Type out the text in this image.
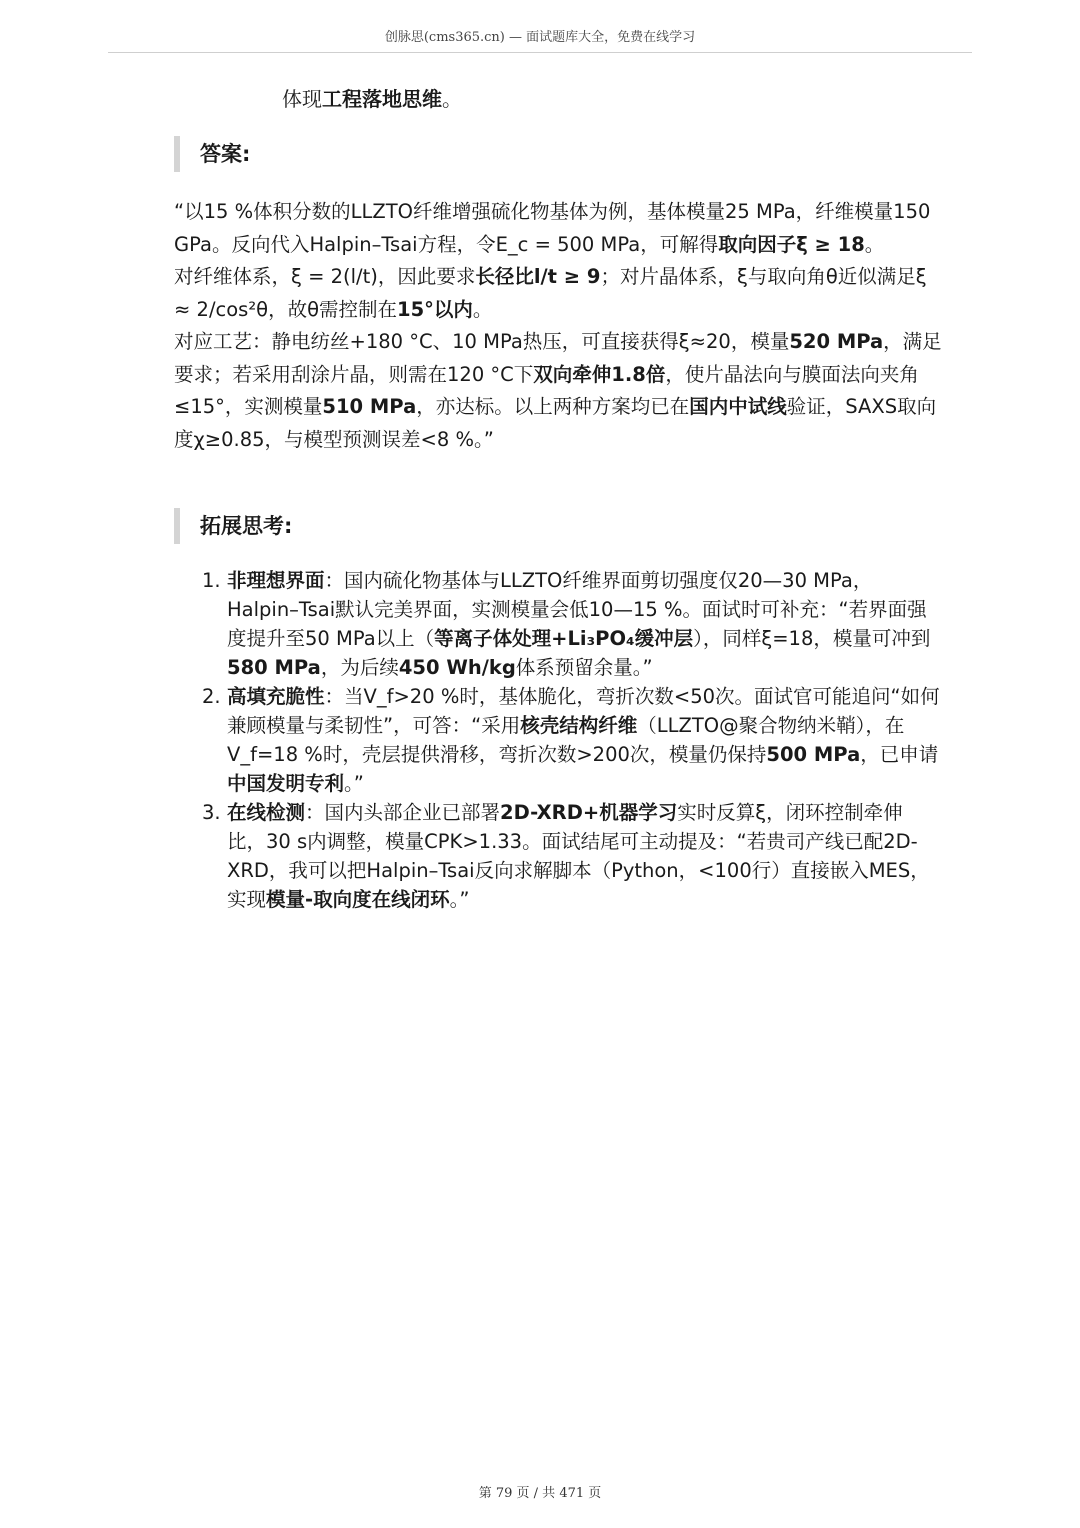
创脉思(cms365.cn) — 面试题库大全，免费在线学习
体现工程落地思维。
答案:

“以15 %体积分数的LLZTO纤维增强硫化物基体为例，基体模量25 MPa，纤维模量150 GPa。反向代入Halpin–Tsai方程，令E_c = 500 MPa，可解得取向因子ξ ≥ 18。

对纤维体系，ξ = 2(l/t)，因此要求长径比l/t ≥ 9；对片晶体系，ξ与取向角θ近似满足ξ ≈ 2/cos²θ，故θ需控制在15°以内。

对应工艺：静电纺丝+180 °C、10 MPa热压，可直接获得ξ≈20，模量520 MPa，满足要求；若采用刮涂片晶，则需在120 °C下双向牵伸1.8倍，使片晶法向与膜面法向夹角≤15°，实测模量510 MPa，亦达标。以上两种方案均已在国内中试线验证，SAXS取向度χ≥0.85，与模型预测误差<8 %。”

拓展思考:
1. 非理想界面：国内硫化物基体与LLZTO纤维界面剪切强度仅20—30 MPa，Halpin–Tsai默认完美界面，实测模量会低10—15 %。面试时可补充：“若界面强度提升至50 MPa以上（等离子体处理+Li₃PO₄缓冲层），同样ξ=18，模量可冲到580 MPa，为后续450 Wh/kg体系预留余量。”
2. 高填充脆性：当V_f>20 %时，基体脆化，弯折次数<50次。面试官可能追问“如何兼顾模量与柔韧性”，可答：“采用核壳结构纤维（LLZTO@聚合物纳米鞘），在V_f=18 %时，壳层提供滑移，弯折次数>200次，模量仍保持500 MPa，已申请中国发明专利。”
3. 在线检测：国内头部企业已部署2D-XRD+机器学习实时反算ξ，闭环控制牵伸比，30 s内调整，模量CPK>1.33。面试结尾可主动提及：“若贵司产线已配2D-XRD，我可以把Halpin–Tsai反向求解脚本（Python，<100行）直接嵌入MES，实现模量-取向度在线闭环。”
第 79 页 / 共 471 页
